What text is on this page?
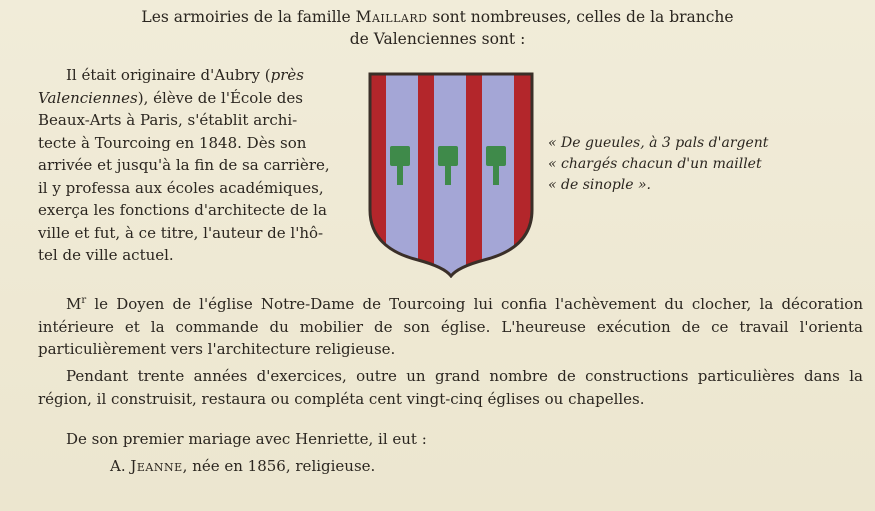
Les armoiries de la famille Maillard sont nombreuses, celles de la branche
de Valenciennes sont :
Il était originaire d'Aubry (près
Valenciennes), élève de l'École des
Beaux-Arts à Paris, s'établit archi-
tecte à Tourcoing en 1848. Dès son
arrivée et jusqu'à la fin de sa carrière,
il y professa aux écoles académiques,
exerça les fonctions d'architecte de la
ville et fut, à ce titre, l'auteur de l'hô-
tel de ville actuel.
« De gueules, à 3 pals d'argent
« chargés chacun d'un maillet
« de sinople ».
$M^r$ le Doyen de l'église Notre-Dame de Tourcoing lui confia l'achèvement du clocher, la décoration intérieure et la commande du mobilier de son église. L'heureuse exécution de ce travail l'orienta particulièrement vers l'architecture religieuse.
Pendant trente années d'exercices, outre un grand nombre de constructions particulières dans la région, il construisit, restaura ou compléta cent vingt-cinq églises ou chapelles.
De son premier mariage avec Henriette, il eut :
A. Jeanne, née en 1856, religieuse.
